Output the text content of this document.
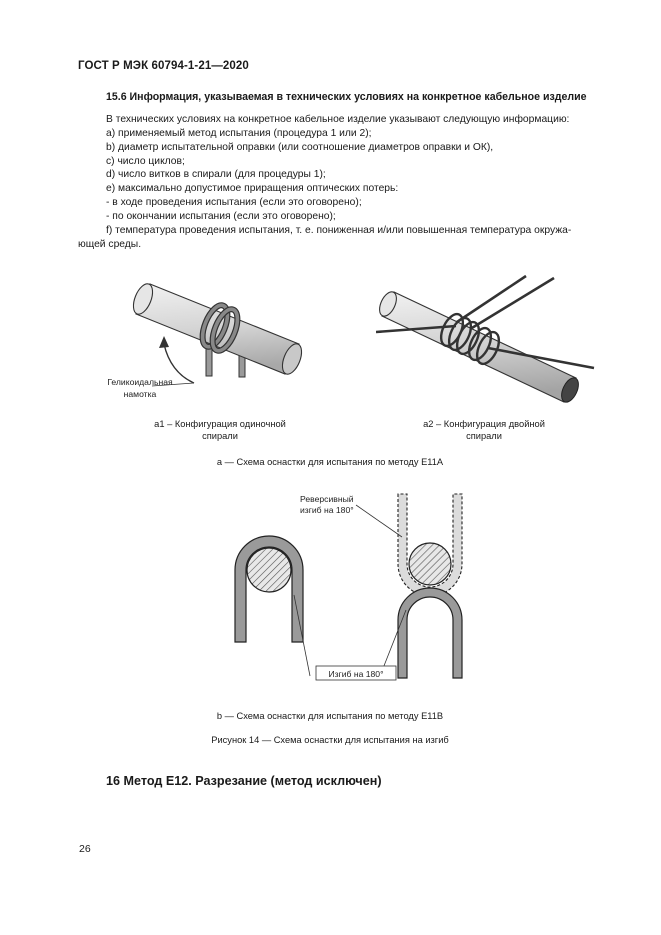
ГОСТ Р МЭК 60794-1-21—2020
15.6 Информация, указываемая в технических условиях на конкретное кабельное изделие
В технических условиях на конкретное кабельное изделие указывают следующую информацию:
а) применяемый метод испытания (процедура 1 или 2);
b) диаметр испытательной оправки (или соотношение диаметров оправки и ОК),
c) число циклов;
d) число витков в спирали (для процедуры 1);
е) максимально допустимое приращения оптических потерь:
- в ходе проведения испытания (если это оговорено);
- по окончании испытания (если это оговорено);
f) температура проведения испытания, т. е. пониженная и/или повышенная температура окружа-
ющей среды.
Геликоидальная
намотка
а1 – Конфигурация одиночной
спирали
а2 – Конфигурация двойной
спирали
а — Схема оснастки для испытания по методу Е11А
Реверсивный
изгиб на 180°
Изгиб на 180°
b — Схема оснастки для испытания по методу Е11В
Рисунок 14 — Схема оснастки для испытания на изгиб
16 Метод Е12. Разрезание (метод исключен)
26
